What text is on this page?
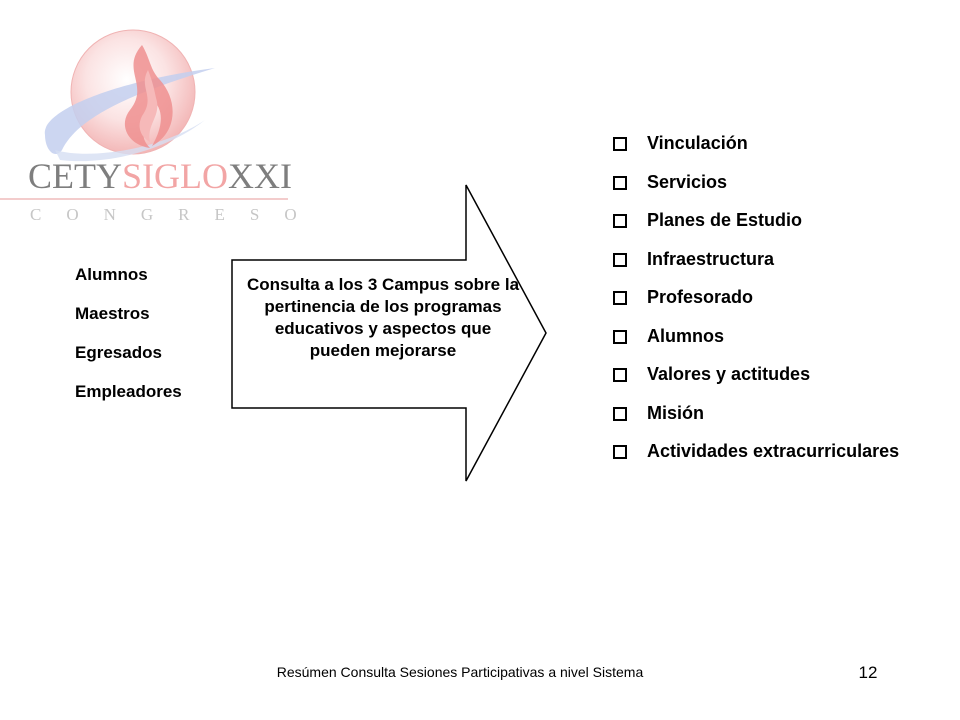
CETYSIGLOXXI
CONGRESO
Alumnos
Maestros
Egresados
Empleadores
Consulta a los 3 Campus sobre la pertinencia de los programas educativos y aspectos que pueden mejorarse
Vinculación
Servicios
Planes de Estudio
Infraestructura
Profesorado
Alumnos
Valores y actitudes
Misión
Actividades extracurriculares
Resúmen Consulta Sesiones Participativas a nivel Sistema	12
